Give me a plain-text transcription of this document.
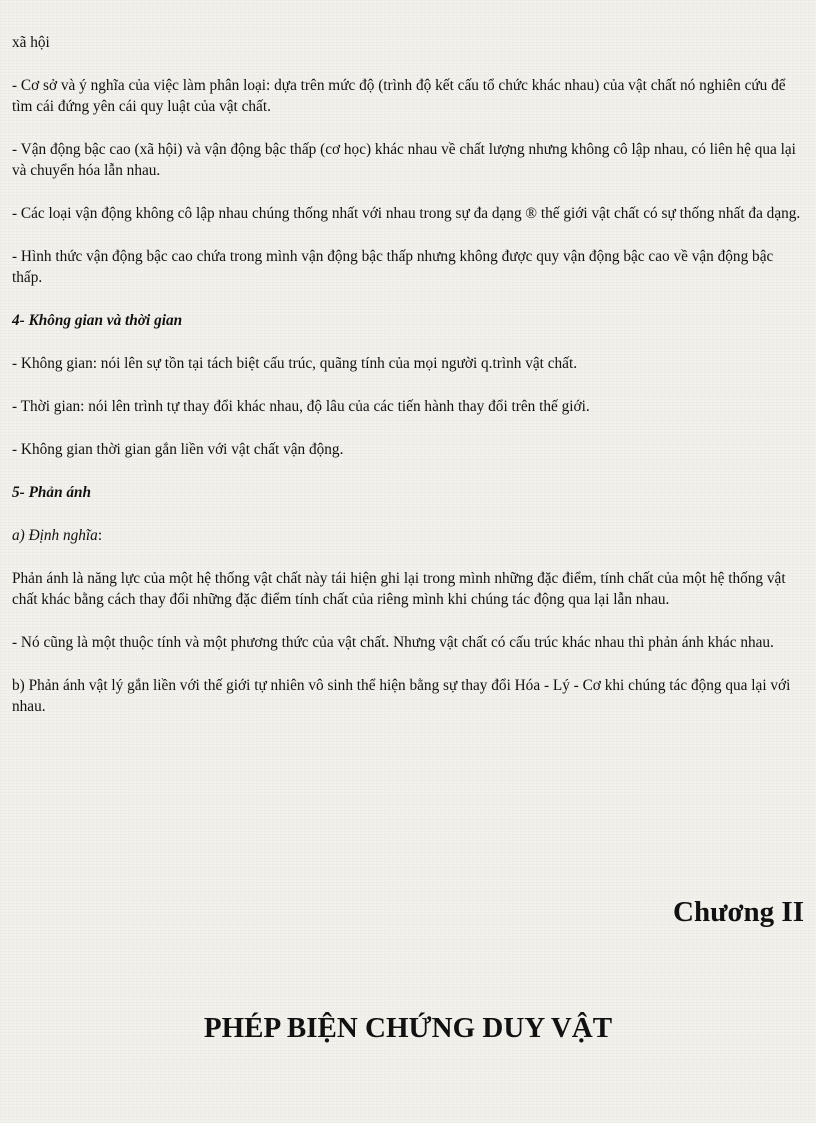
xã hội

- Cơ sở và ý nghĩa của việc làm phân loại: dựa trên mức độ (trình độ kết cấu tổ chức khác nhau) của vật chất nó nghiên cứu để tìm cái đứng yên cái quy luật của vật chất.

- Vận động bậc cao (xã hội) và vận động bậc thấp (cơ học) khác nhau về chất lượng nhưng không cô lập nhau, có liên hệ qua lại và chuyển hóa lẫn nhau.

- Các loại vận động không cô lập nhau chúng thống nhất với nhau trong sự đa dạng ® thế giới vật chất có sự thống nhất đa dạng.

- Hình thức vận động bậc cao chứa trong mình vận động bậc thấp nhưng không được quy vận động bậc cao về vận động bậc thấp.

4- Không gian và thời gian

- Không gian: nói lên sự tồn tại tách biệt cấu trúc, quãng tính của mọi người q.trình vật chất.

- Thời gian: nói lên trình tự thay đổi khác nhau, độ lâu của các tiến hành thay đổi trên thế giới.

- Không gian thời gian gắn liền với vật chất vận động.

5- Phản ánh

a) Định nghĩa:

Phản ánh là năng lực của một hệ thống vật chất này tái hiện ghi lại trong mình những đặc điểm, tính chất của một hệ thống vật chất khác bằng cách thay đổi những đặc điểm tính chất của riêng mình khi chúng tác động qua lại lẫn nhau.

- Nó cũng là một thuộc tính và một phương thức của vật chất. Nhưng vật chất có cấu trúc khác nhau thì phản ánh khác nhau.

b) Phản ánh vật lý gắn liền với thế giới tự nhiên vô sinh thể hiện bằng sự thay đổi Hóa - Lý - Cơ khi chúng tác động qua lại với nhau.

Chương II
PHÉP BIỆN CHỨNG DUY VẬT
